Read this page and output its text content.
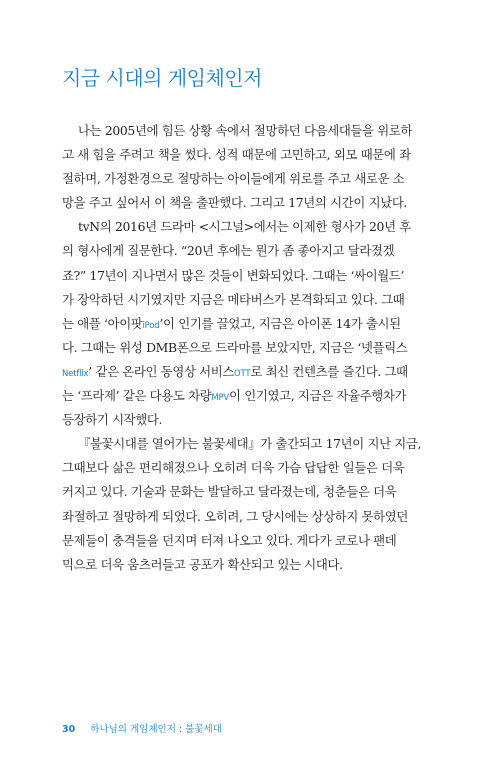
지금 시대의 게임체인저
나는 2005년에 힘든 상황 속에서 절망하던 다음세대들을 위로하
고 새 힘을 주려고 책을 썼다. 성적 때문에 고민하고, 외모 때문에 좌
절하며, 가정환경으로 절망하는 아이들에게 위로를 주고 새로운 소
망을 주고 싶어서 이 책을 출판했다. 그리고 17년의 시간이 지났다.
tvN의 2016년 드라마 <시그널>에서는 이제한 형사가 20년 후
의 형사에게 질문한다. “20년 후에는 뭔가 좀 좋아지고 달라졌겠
죠?” 17년이 지나면서 많은 것들이 변화되었다. 그때는 ‘싸이월드’
가 장악하던 시기였지만 지금은 메타버스가 본격화되고 있다. 그때
는 애플 ‘아이팟iPod’이 인기를 끌었고, 지금은 아이폰 14가 출시된
다. 그때는 위성 DMB폰으로 드라마를 보았지만, 지금은 ‘넷플릭스
Netflix’ 같은 온라인 동영상 서비스OTT로 최신 컨텐츠를 즐긴다. 그때
는 ‘프라제’ 같은 다용도 차량MPV이 인기였고, 지금은 자율주행차가
등장하기 시작했다.
『불꽃시대를 열어가는 불꽃세대』가 출간되고 17년이 지난 지금,
그때보다 삶은 편리해졌으나 오히려 더욱 가슴 답답한 일들은 더욱
커지고 있다. 기술과 문화는 발달하고 달라졌는데, 청춘들은 더욱
좌절하고 절망하게 되었다. 오히려, 그 당시에는 상상하지 못하였던
문제들이 충격들을 던지며 터져 나오고 있다. 게다가 코로나 팬데
믹으로 더욱 움츠러들고 공포가 확산되고 있는 시대다.
30 하나님의 게임체인저 : 불꽃세대
